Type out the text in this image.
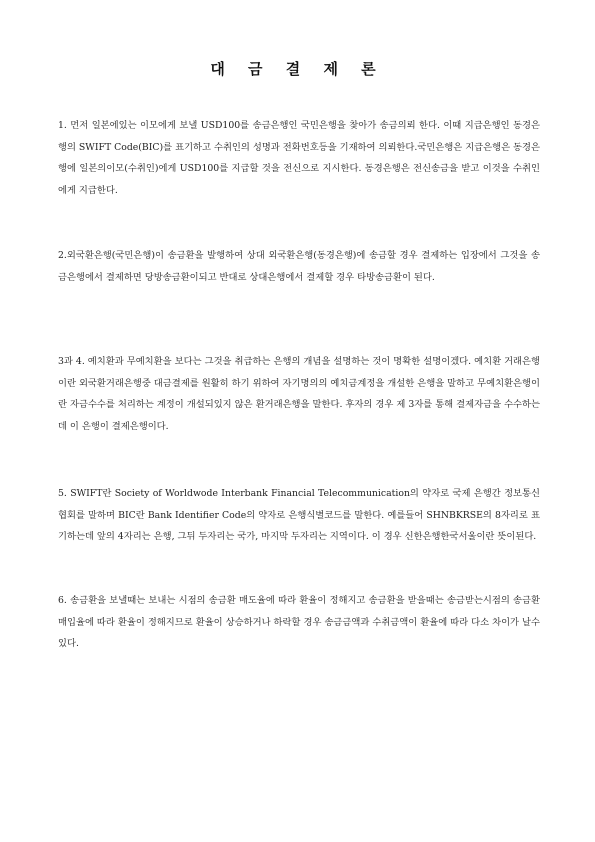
대 금 결 제 론

1. 먼저 일본에있는 이모에게 보낼 USD100를 송금은행인 국민은행을 찾아가 송금의뢰 한다. 이때 지급은행인 동경은행의 SWIFT Code(BIC)를 표기하고 수취인의 성명과 전화번호등을 기재하여 의뢰한다.국민은행은 지급은행은 동경은행에 일본의이모(수취인)에게 USD100를 지급할 것을 전신으로 지시한다. 동경은행은 전신송금을 받고 이것을 수취인에게 지급한다.

2.외국환은행(국민은행)이 송금환을 발행하여 상대 외국환은행(동경은행)에 송금할 경우 결제하는 입장에서 그것을 송금은행에서 결제하면 당방송금환이되고 반대로 상대은행에서 결제할 경우 타방송금환이 된다.

3과 4. 예치환과 무예치환을 보다는 그것을 취급하는 은행의 개념을 설명하는 것이 명확한 설명이겠다. 예치환 거래은행이란 외국환거래은행중 대금결제를 원활히 하기 위하여 자기명의의 예치금계정을 개설한 은행을 말하고 무예치환은행이란 자금수수를 처리하는 계정이 개설되있지 않은 환거래은행을 말한다. 후자의 경우 제 3자를 통해 결제자금을 수수하는데 이 은행이 결제은행이다.

5. SWIFT란 Society of Worldwode Interbank Financial Telecommunication의 약자로 국제 은행간 정보통신 협회를 말하며 BIC란 Bank Identifier Code의 약자로 은행식별코드를 말한다. 예를들어 SHNBKRSE의 8자리로 표기하는데 앞의 4자리는 은행, 그뒤 두자리는 국가, 마지막 두자리는 지역이다. 이 경우 신한은행한국서울이란 뜻이된다.

6. 송금환을 보낼때는 보내는 시점의 송금환 매도율에 따라 환율이 정해지고 송금환을 받을때는 송금받는시점의 송금환 매입율에 따라 환율이 정해지므로 환율이 상승하거나 하락할 경우 송금금액과 수취금액이 환율에 따라 다소 차이가 날수 있다.
